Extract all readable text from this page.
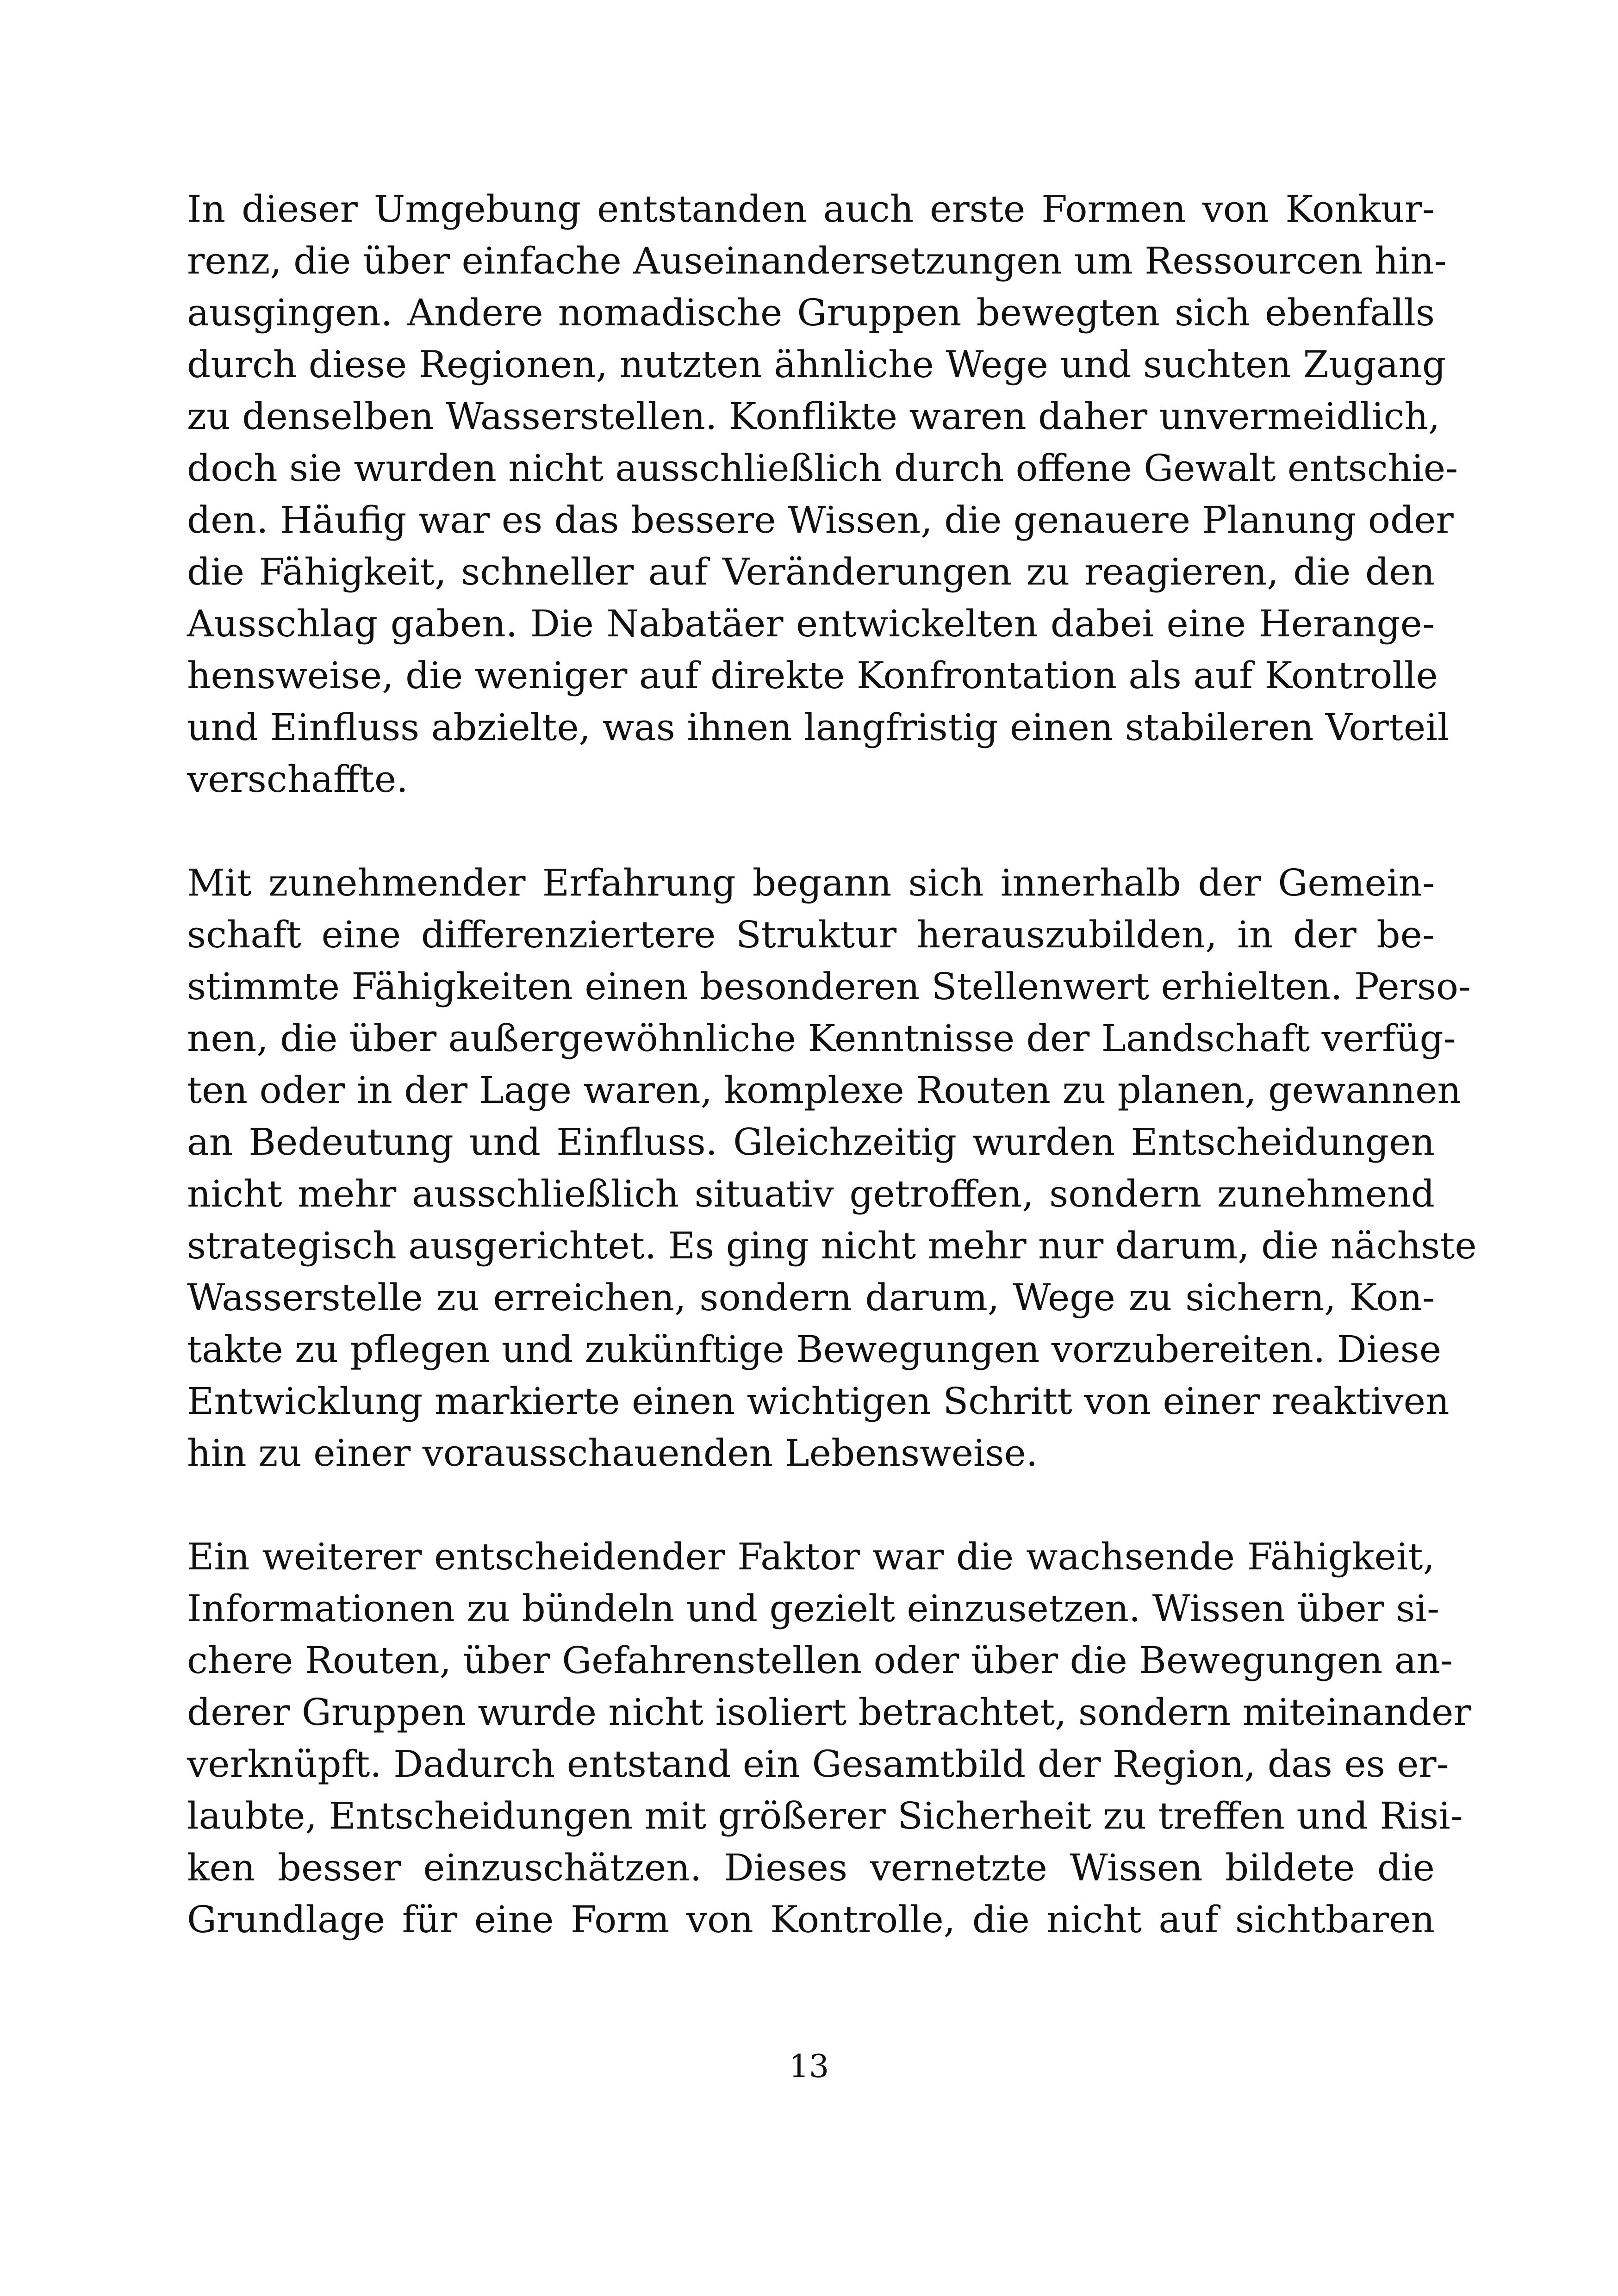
In dieser Umgebung entstanden auch erste Formen von Konkur-
renz, die über einfache Auseinandersetzungen um Ressourcen hin-
ausgingen. Andere nomadische Gruppen bewegten sich ebenfalls
durch diese Regionen, nutzten ähnliche Wege und suchten Zugang
zu denselben Wasserstellen. Konflikte waren daher unvermeidlich,
doch sie wurden nicht ausschließlich durch offene Gewalt entschie-
den. Häufig war es das bessere Wissen, die genauere Planung oder
die Fähigkeit, schneller auf Veränderungen zu reagieren, die den
Ausschlag gaben. Die Nabatäer entwickelten dabei eine Herange-
hensweise, die weniger auf direkte Konfrontation als auf Kontrolle
und Einfluss abzielte, was ihnen langfristig einen stabileren Vorteil
verschaffte.
Mit zunehmender Erfahrung begann sich innerhalb der Gemein-
schaft eine differenziertere Struktur herauszubilden, in der be-
stimmte Fähigkeiten einen besonderen Stellenwert erhielten. Perso-
nen, die über außergewöhnliche Kenntnisse der Landschaft verfüg-
ten oder in der Lage waren, komplexe Routen zu planen, gewannen
an Bedeutung und Einfluss. Gleichzeitig wurden Entscheidungen
nicht mehr ausschließlich situativ getroffen, sondern zunehmend
strategisch ausgerichtet. Es ging nicht mehr nur darum, die nächste
Wasserstelle zu erreichen, sondern darum, Wege zu sichern, Kon-
takte zu pflegen und zukünftige Bewegungen vorzubereiten. Diese
Entwicklung markierte einen wichtigen Schritt von einer reaktiven
hin zu einer vorausschauenden Lebensweise.
Ein weiterer entscheidender Faktor war die wachsende Fähigkeit,
Informationen zu bündeln und gezielt einzusetzen. Wissen über si-
chere Routen, über Gefahrenstellen oder über die Bewegungen an-
derer Gruppen wurde nicht isoliert betrachtet, sondern miteinander
verknüpft. Dadurch entstand ein Gesamtbild der Region, das es er-
laubte, Entscheidungen mit größerer Sicherheit zu treffen und Risi-
ken besser einzuschätzen. Dieses vernetzte Wissen bildete die
Grundlage für eine Form von Kontrolle, die nicht auf sichtbaren
13
